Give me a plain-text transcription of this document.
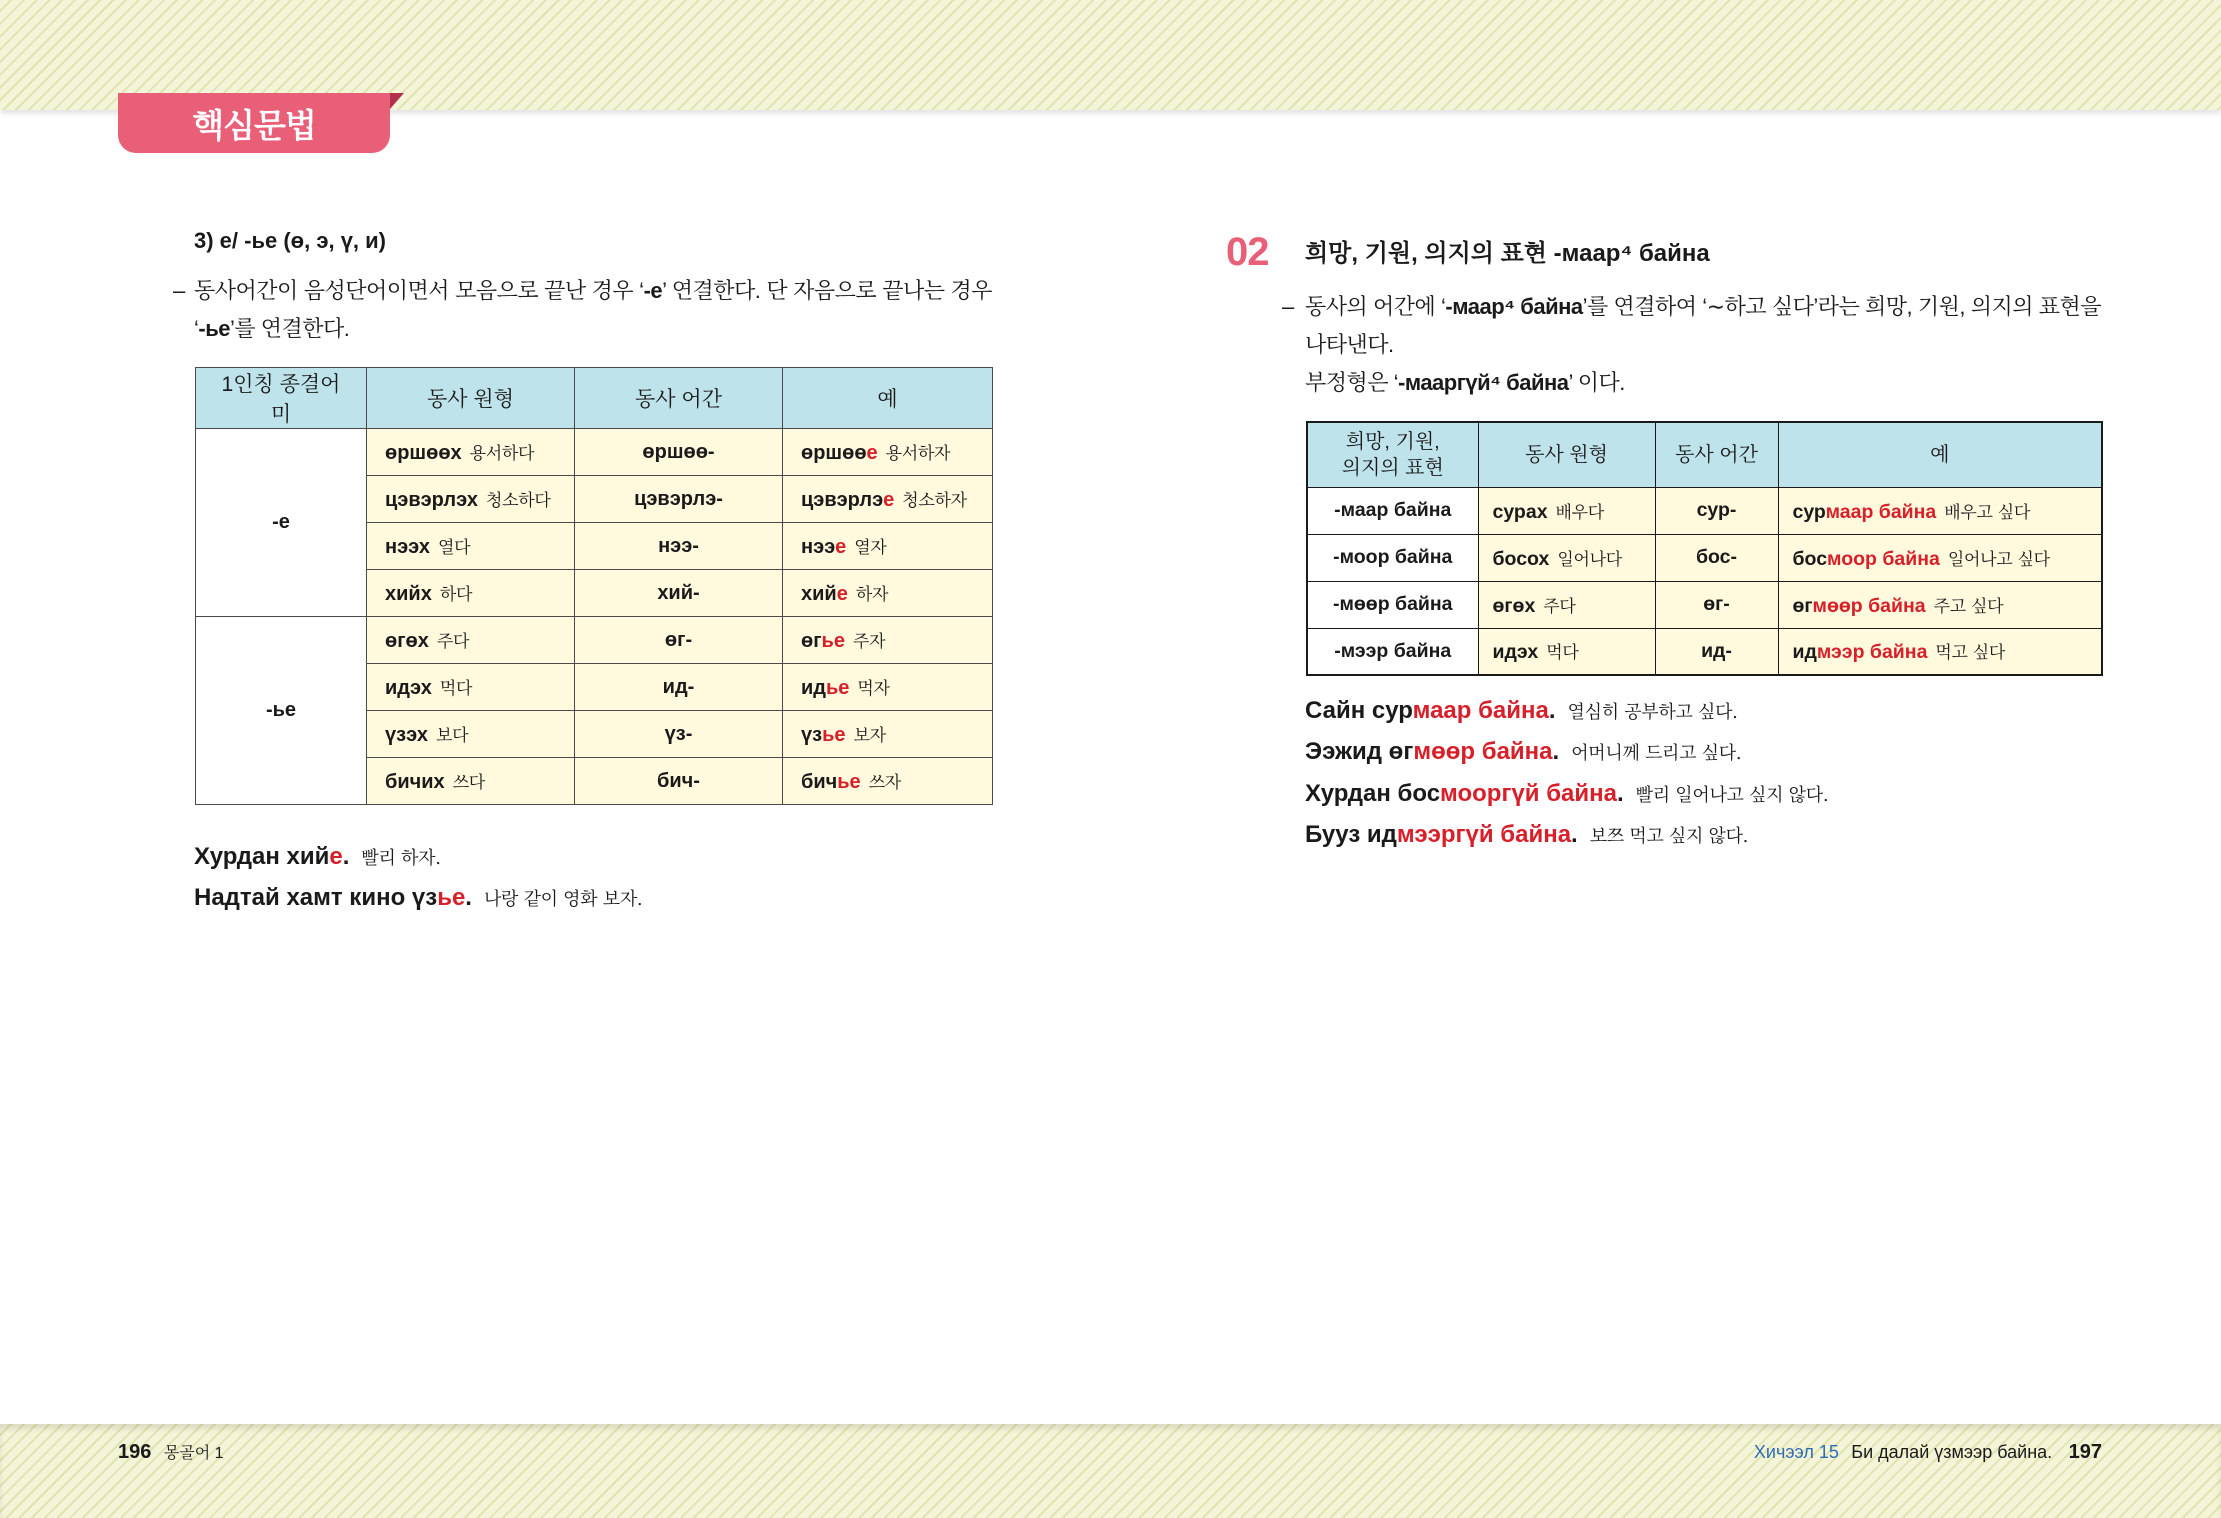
핵심문법
3) е/ -ье (ө, э, ү, и)
– 동사어간이 음성단어이면서 모음으로 끝난 경우 ‘-е’ 연결한다. 단 자음으로 끝나는 경우 ‘-ье’를 연결한다.

1인칭 종결어미	동사 원형	동사 어간	예
-е	өршөөх 용서하다	өршөө-	өршөөе 용서하자
	цэвэрлэх 청소하다	цэвэрлэ-	цэвэрлэе 청소하자
	нээх 열다	нээ-	нээе 열자
	хийх 하다	хий-	хийе 하자
-ье	өгөх 주다	өг-	өгье 주자
	идэх 먹다	ид-	идье 먹자
	үзэх 보다	үз-	үзье 보자
	бичих 쓰다	бич-	бичье 쓰자
Хурдан хийе. 빨리 하자.
Надтай хамт кино үзье. 나랑 같이 영화 보자.
02 희망, 기원, 의지의 표현 -маар⁴ байна
– 동사의 어간에 ‘-маар⁴ байна’를 연결하여 ‘∼하고 싶다’라는 희망, 기원, 의지의 표현을 나타낸다.

부정형은 ‘-мааргүй⁴ байна’ 이다.

희망, 기원,
의지의 표현	동사 원형	동사 어간	예
-маар байна	сурах 배우다	сур-	сурмаар байна 배우고 싶다
-моор байна	босох 일어나다	бос-	босмоор байна 일어나고 싶다
-мөөр байна	өгөх 주다	өг-	өгмөөр байна 주고 싶다
-мээр байна	идэх 먹다	ид-	идмээр байна 먹고 싶다
Сайн сурмаар байна. 열심히 공부하고 싶다.
Ээжид өгмөөр байна. 어머니께 드리고 싶다.
Хурдан босмооргүй байна. 빨리 일어나고 싶지 않다.
Бууз идмээргүй байна. 보쯔 먹고 싶지 않다.
196 몽골어 1	Хичээл 15 Би далай үзмээр байна. 197
